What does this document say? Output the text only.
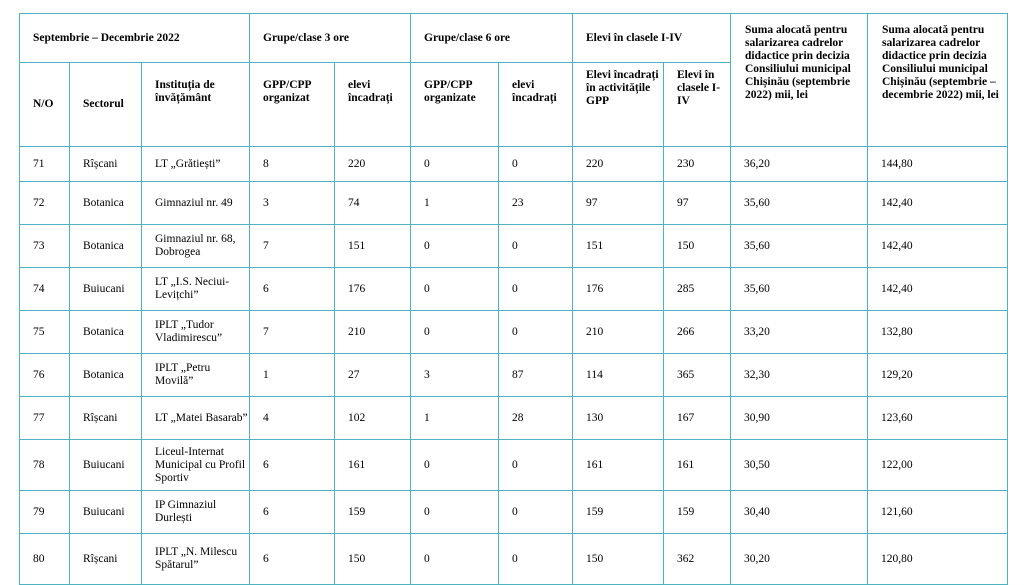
Septembrie – Decembrie 2022			Grupe/clase 3 ore		Grupe/clase 6 ore		Elevi în clasele I-IV		Suma alocată pentru salarizarea cadrelor didactice prin decizia Consiliului municipal Chișinău (septembrie 2022) mii, lei	Suma alocată pentru salarizarea cadrelor didactice prin decizia Consiliului municipal Chișinău (septembrie – decembrie 2022) mii, lei
N/O	Sectorul	Instituția de învățământ	GPP/CPP organizat	elevi încadrați	GPP/CPP organizate	elevi încadrați	Elevi încadrați în activitățile GPP	Elevi în clasele I-IV		
71	Rîșcani	LT „Grătiești”	8	220	0	0	220	230	36,20	144,80
72	Botanica	Gimnaziul nr. 49	3	74	1	23	97	97	35,60	142,40
73	Botanica	Gimnaziul nr. 68, Dobrogea	7	151	0	0	151	150	35,60	142,40
74	Buiucani	LT „I.S. Neciui-Levițchi”	6	176	0	0	176	285	35,60	142,40
75	Botanica	IPLT „Tudor Vladimirescu”	7	210	0	0	210	266	33,20	132,80
76	Botanica	IPLT „Petru Movilă”	1	27	3	87	114	365	32,30	129,20
77	Rîșcani	LT „Matei Basarab”	4	102	1	28	130	167	30,90	123,60
78	Buiucani	Liceul-Internat Municipal cu Profil Sportiv	6	161	0	0	161	161	30,50	122,00
79	Buiucani	IP Gimnaziul Durlești	6	159	0	0	159	159	30,40	121,60
80	Rîșcani	IPLT „N. Milescu Spătarul”	6	150	0	0	150	362	30,20	120,80
